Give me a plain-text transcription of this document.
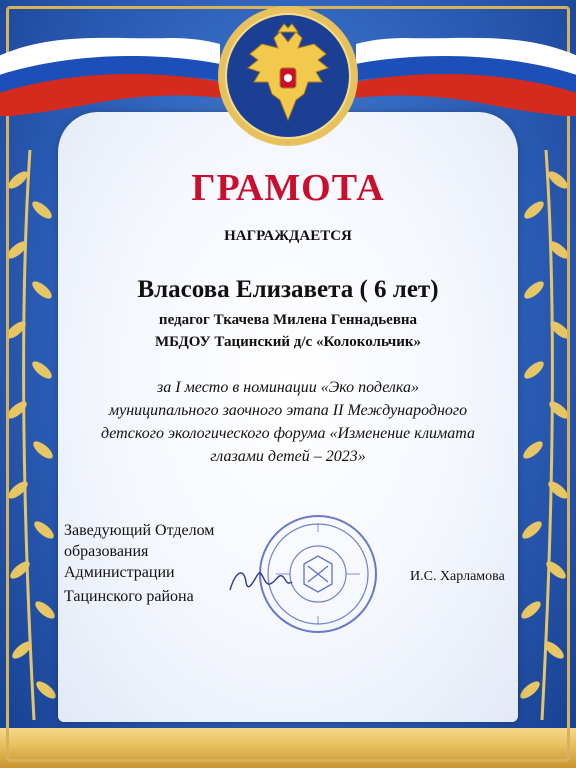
ГРАМОТА
НАГРАЖДАЕТСЯ
Власова Елизавета ( 6 лет)
педагог Ткачева Милена Геннадьевна
МБДОУ Тацинский д/с «Колокольчик»
за I место в номинации «Эко поделка»
муниципального заочного этапа II Международного
детского экологического форума «Изменение климата
глазами детей – 2023»
Заведующий Отделом
образования
Администрации
Тацинского района
И.С. Харламова
